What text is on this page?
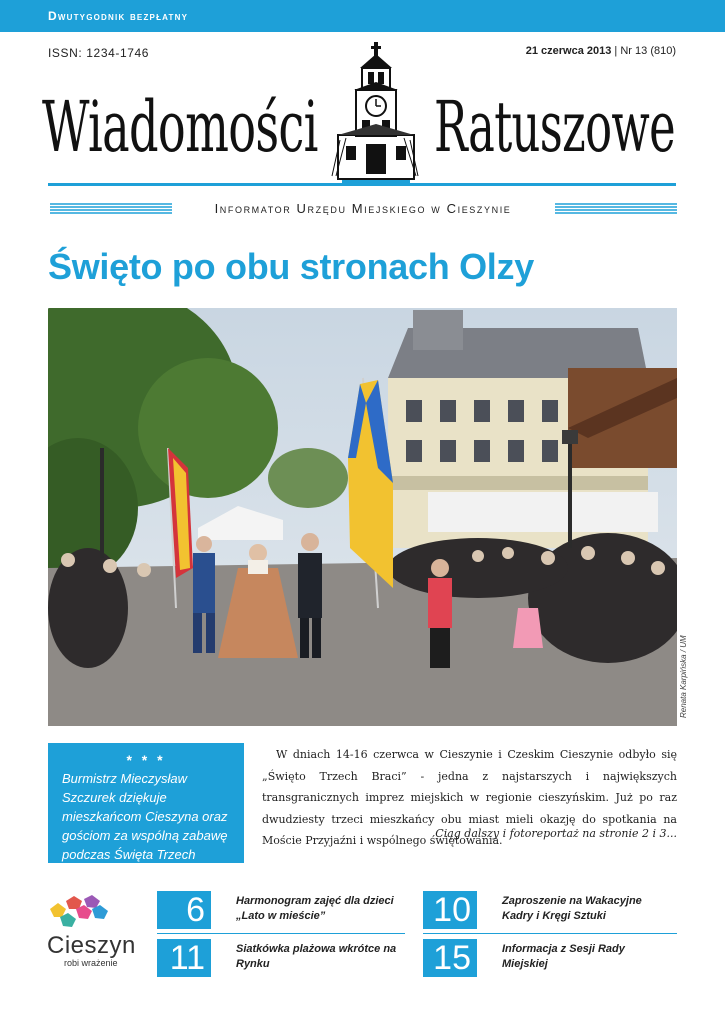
Dwutygodnik bezpłatny
ISSN: 1234-1746	21 czerwca 2013 | Nr 13 (810)
Wiadomości Ratuszowe
Informator Urzędu Miejskiego w Cieszynie
Święto po obu stronach Olzy
Renata Karpińska / UM
* * *

Burmistrz Mieczysław Szczurek dziękuje mieszkańcom Cieszyna oraz gościom za wspólną zabawę podczas Święta Trzech Braci.

W dniach 14-16 czerwca w Cieszynie i Czeskim Cieszynie odbyło się „Święto Trzech Braci” - jedna z najstarszych i największych transgranicznych imprez miejskich w regionie cieszyńskim. Już po raz dwudziesty trzeci mieszkańcy obu miast mieli okazję do spotkania na Moście Przyjaźni i wspólnego świętowania.

Ciąg dalszy i fotoreportaż na stronie 2 i 3...
Cieszyn
robi wrażenie
6	Harmonogram zajęć dla dzieci „Lato w mieście”	10	Zaproszenie na Wakacyjne Kadry i Kręgi Sztuki
11	Siatkówka plażowa wkrótce na Rynku	15	Informacja z Sesji Rady Miejskiej
